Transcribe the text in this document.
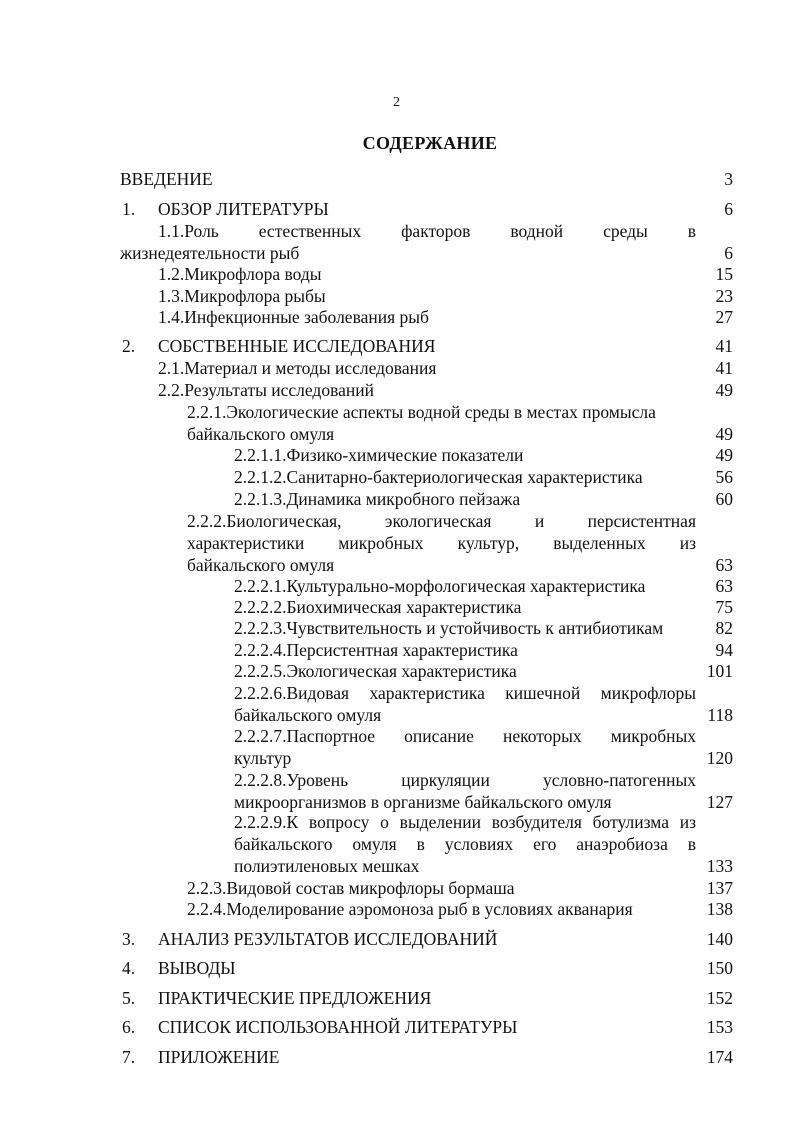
2
СОДЕРЖАНИЕ
ВВЕДЕНИЕ	3
1. ОБЗОР ЛИТЕРАТУРЫ	6
1.1.Роль естественных факторов водной среды в
жизнедеятельности рыб	6
1.2.Микрофлора воды	15
1.3.Микрофлора рыбы	23
1.4.Инфекционные заболевания рыб	27
2. СОБСТВЕННЫЕ ИССЛЕДОВАНИЯ	41
2.1.Материал и методы исследования	41
2.2.Результаты исследований	49
2.2.1.Экологические аспекты водной среды в местах промысла
байкальского омуля	49
2.2.1.1.Физико-химические показатели	49
2.2.1.2.Санитарно-бактериологическая характеристика	56
2.2.1.3.Динамика микробного пейзажа	60
2.2.2.Биологическая, экологическая и персистентная
характеристики микробных культур, выделенных из
байкальского омуля	63
2.2.2.1.Культурально-морфологическая характеристика	63
2.2.2.2.Биохимическая характеристика	75
2.2.2.3.Чувствительность и устойчивость к антибиотикам	82
2.2.2.4.Персистентная характеристика	94
2.2.2.5.Экологическая характеристика	101
2.2.2.6.Видовая характеристика кишечной микрофлоры
байкальского омуля	118
2.2.2.7.Паспортное описание некоторых микробных
культур	120
2.2.2.8.Уровень циркуляции условно-патогенных
микроорганизмов в организме байкальского омуля	127
2.2.2.9.К вопросу о выделении возбудителя ботулизма из
байкальского омуля в условиях его анаэробиоза в
полиэтиленовых мешках	133
2.2.3.Видовой состав микрофлоры бормаша	137
2.2.4.Моделирование аэромоноза рыб в условиях акванария	138
3. АНАЛИЗ РЕЗУЛЬТАТОВ ИССЛЕДОВАНИЙ	140
4. ВЫВОДЫ	150
5. ПРАКТИЧЕСКИЕ ПРЕДЛОЖЕНИЯ	152
6. СПИСОК ИСПОЛЬЗОВАННОЙ ЛИТЕРАТУРЫ	153
7. ПРИЛОЖЕНИЕ	174
